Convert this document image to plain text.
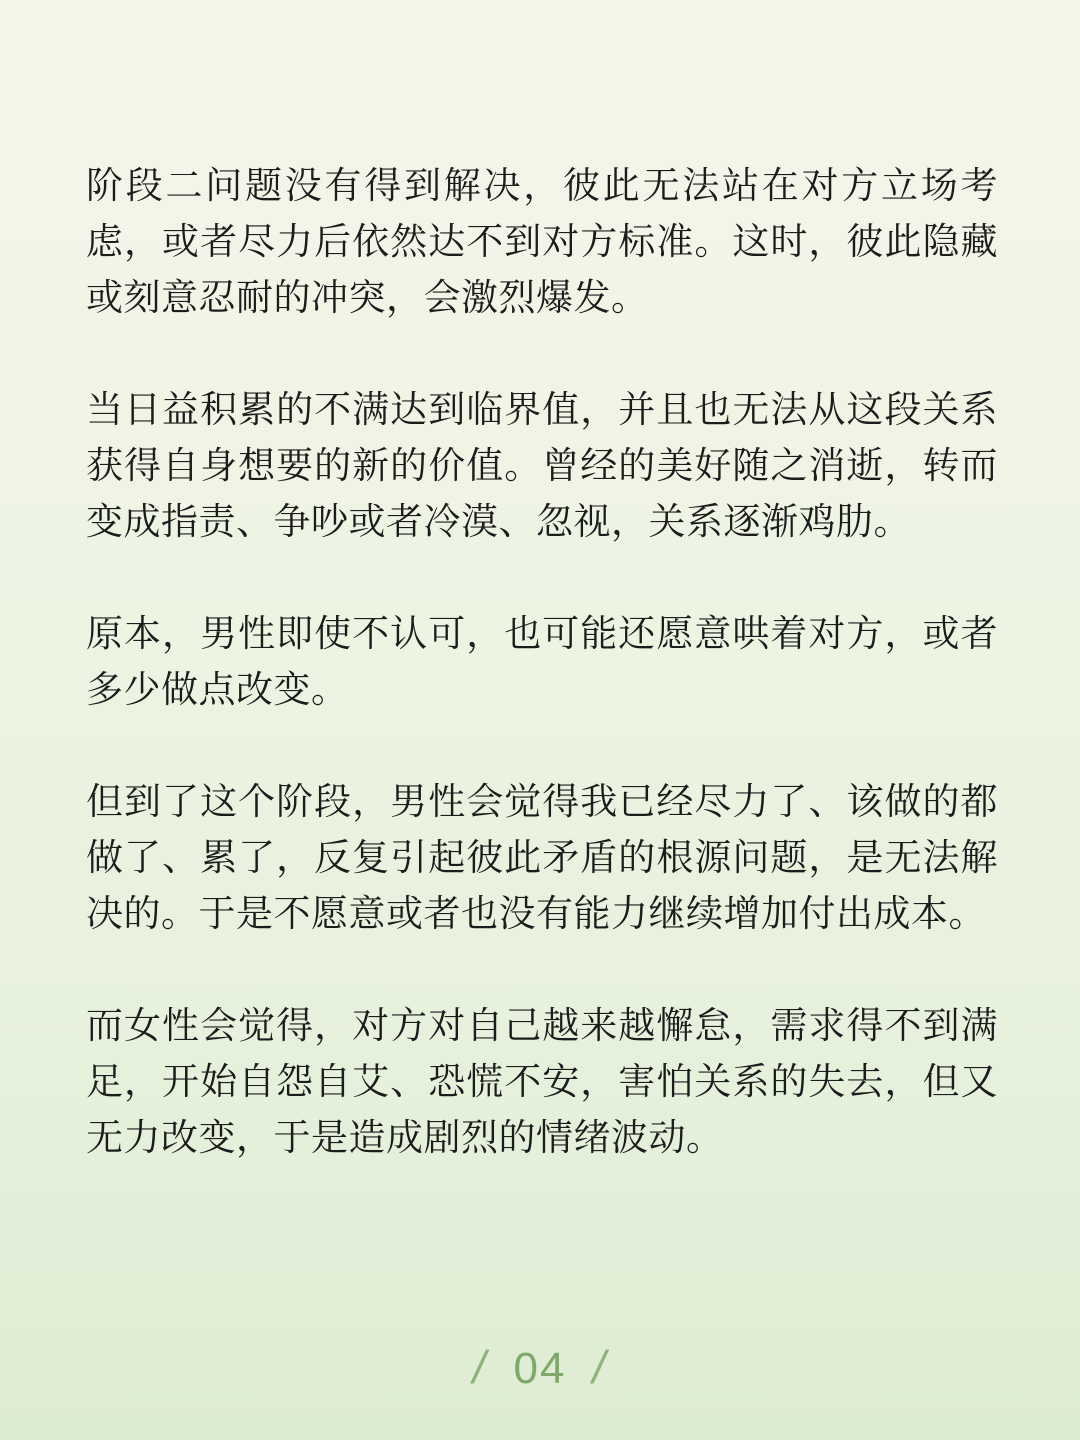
阶段二问题没有得到解决，彼此无法站在对方立场考虑，或者尽力后依然达不到对方标准。这时，彼此隐藏或刻意忍耐的冲突，会激烈爆发。

当日益积累的不满达到临界值，并且也无法从这段关系获得自身想要的新的价值。曾经的美好随之消逝，转而变成指责、争吵或者冷漠、忽视，关系逐渐鸡肋。

原本，男性即使不认可，也可能还愿意哄着对方，或者多少做点改变。

但到了这个阶段，男性会觉得我已经尽力了、该做的都做了、累了，反复引起彼此矛盾的根源问题，是无法解决的。于是不愿意或者也没有能力继续增加付出成本。

而女性会觉得，对方对自己越来越懈怠，需求得不到满足，开始自怨自艾、恐慌不安，害怕关系的失去，但又无力改变，于是造成剧烈的情绪波动。

/ 04 /
